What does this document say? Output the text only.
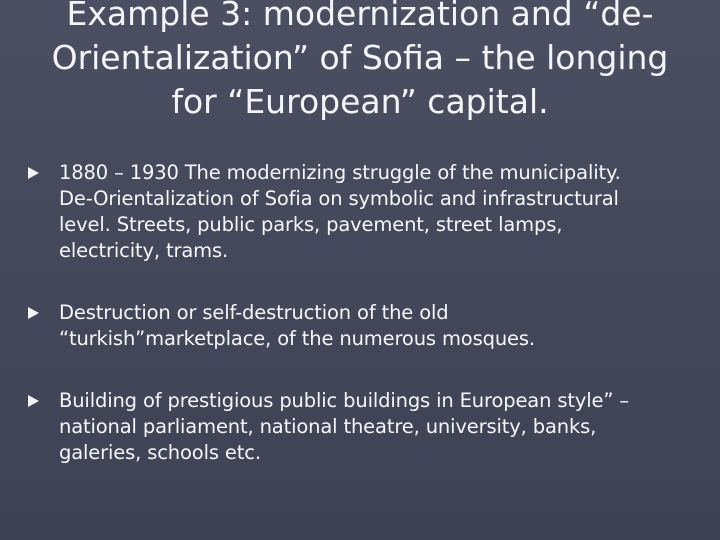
Example 3: modernization and “de-
Orientalization” of Sofia – the longing
for “European” capital.
1880 – 1930 The modernizing struggle of the municipality.
De-Orientalization of Sofia on symbolic and infrastructural
level. Streets, public parks, pavement, street lamps,
electricity, trams.
Destruction or self-destruction of the old
“turkish”marketplace, of the numerous mosques.
Building of prestigious public buildings in European style” –
national parliament, national theatre, university, banks,
galeries, schools etc.
